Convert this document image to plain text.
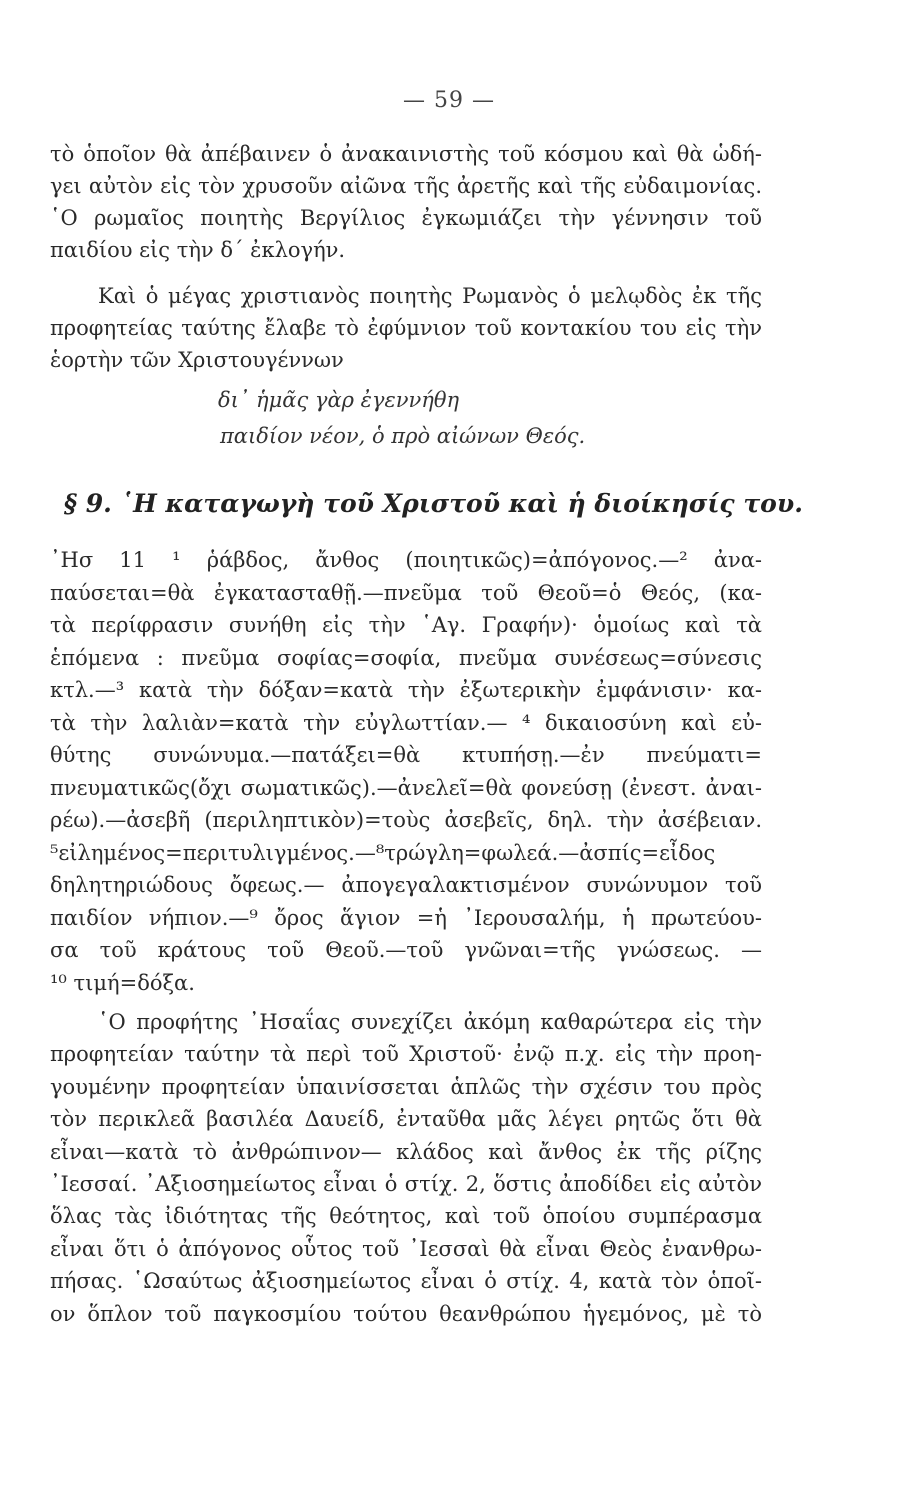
— 59 —
τὸ ὁποῖον θὰ ἀπέβαινεν ὁ ἀνακαινιστὴς τοῦ κόσμου καὶ θὰ ὡδή-
γει αὐτὸν εἰς τὸν χρυσοῦν αἰῶνα τῆς ἀρετῆς καὶ τῆς εὐδαιμονίας.
῾Ο ρωμαῖος ποιητὴς Βεργίλιος ἐγκωμιάζει τὴν γέννησιν τοῦ
παιδίου εἰς τὴν δ΄ ἐκλογήν.
Καὶ ὁ μέγας χριστιανὸς ποιητὴς Ρωμανὸς ὁ μελῳδὸς ἐκ τῆς
προφητείας ταύτης ἔλαβε τὸ ἐφύμνιον τοῦ κοντακίου του εἰς τὴν
ἑορτὴν τῶν Χριστουγέννων
δι᾿ ἡμᾶς γὰρ ἐγεννήθη
παιδίον νέον, ὁ πρὸ αἰώνων Θεός.
§ 9. ῾Η καταγωγὴ τοῦ Χριστοῦ καὶ ἡ διοίκησίς του.
᾿Ησ 11 ¹ ῥάβδος, ἄνθος (ποιητικῶς)=ἀπόγονος.—² ἀνα-
παύσεται=θὰ ἐγκατασταθῇ.—πνεῦμα τοῦ Θεοῦ=ὁ Θεός, (κα-
τὰ περίφρασιν συνήθη εἰς τὴν ῾Αγ. Γραφήν)· ὁμοίως καὶ τὰ
ἑπόμενα : πνεῦμα σοφίας=σοφία, πνεῦμα συνέσεως=σύνεσις
κτλ.—³ κατὰ τὴν δόξαν=κατὰ τὴν ἐξωτερικὴν ἐμφάνισιν· κα-
τὰ τὴν λαλιὰν=κατὰ τὴν εὐγλωττίαν.— ⁴ δικαιοσύνη καὶ εὐ-
θύτης συνώνυμα.—πατάξει=θὰ κτυπήσῃ.—ἐν πνεύματι=
πνευματικῶς(ὄχι σωματικῶς).—ἀνελεῖ=θὰ φονεύσῃ (ἐνεστ. ἀναι-
ρέω).—ἀσεβῆ (περιληπτικὸν)=τοὺς ἀσεβεῖς, δηλ. τὴν ἀσέβειαν.
⁵εἰλημένος=περιτυλιγμένος.—⁸τρώγλη=φωλεά.—ἀσπίς=εἶδος
δηλητηριώδους ὄφεως.— ἀπογεγαλακτισμένον συνώνυμον τοῦ
παιδίον νήπιον.—⁹ ὄρος ἅγιον =ἡ ᾿Ιερουσαλήμ, ἡ πρωτεύου-
σα τοῦ κράτους τοῦ Θεοῦ.—τοῦ γνῶναι=τῆς γνώσεως. —
¹⁰ τιμή=δόξα.
῾Ο προφήτης ᾿Ησαΐας συνεχίζει ἀκόμη καθαρώτερα εἰς τὴν
προφητείαν ταύτην τὰ περὶ τοῦ Χριστοῦ· ἐνῷ π.χ. εἰς τὴν προη-
γουμένην προφητείαν ὑπαινίσσεται ἁπλῶς τὴν σχέσιν του πρὸς
τὸν περικλεᾶ βασιλέα Δαυείδ, ἐνταῦθα μᾶς λέγει ρητῶς ὅτι θὰ
εἶναι—κατὰ τὸ ἀνθρώπινον— κλάδος καὶ ἄνθος ἐκ τῆς ρίζης
᾿Ιεσσαί. ᾿Αξιοσημείωτος εἶναι ὁ στίχ. 2, ὅστις ἀποδίδει εἰς αὐτὸν
ὅλας τὰς ἰδιότητας τῆς θεότητος, καὶ τοῦ ὁποίου συμπέρασμα
εἶναι ὅτι ὁ ἀπόγονος οὗτος τοῦ ᾿Ιεσσαὶ θὰ εἶναι Θεὸς ἐνανθρω-
πήσας. ῾Ωσαύτως ἀξιοσημείωτος εἶναι ὁ στίχ. 4, κατὰ τὸν ὁποῖ-
ον ὅπλον τοῦ παγκοσμίου τούτου θεανθρώπου ἡγεμόνος, μὲ τὸ
